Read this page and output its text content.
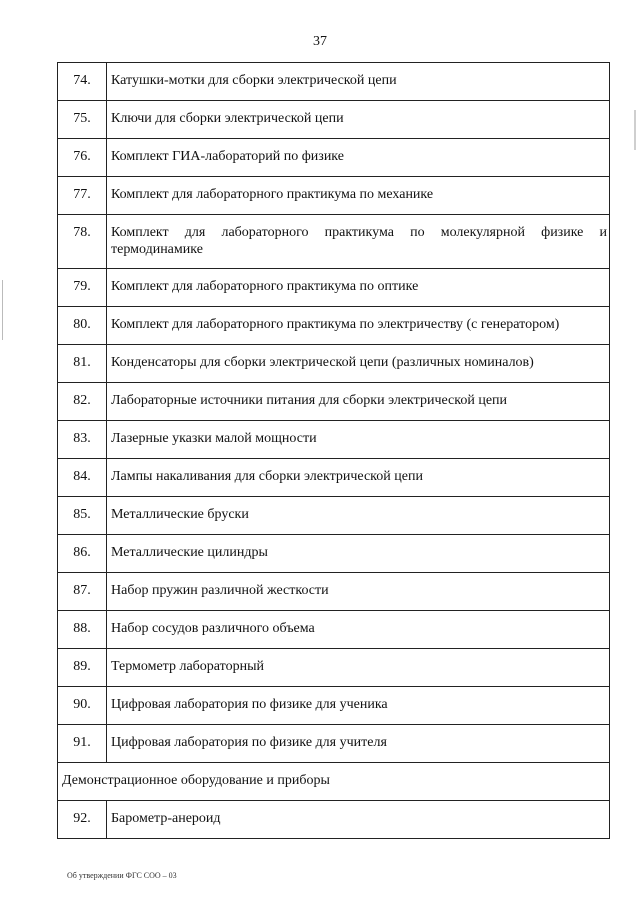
37
74.	Катушки-мотки для сборки электрической цепи
75.	Ключи для сборки электрической цепи
76.	Комплект ГИА-лабораторий по физике
77.	Комплект для лабораторного практикума по механике
78.	Комплект для лабораторного практикума по молекулярной физике и термодинамике
79.	Комплект для лабораторного практикума по оптике
80.	Комплект для лабораторного практикума по электричеству (с генератором)
81.	Конденсаторы для сборки электрической цепи (различных номиналов)
82.	Лабораторные источники питания для сборки электрической цепи
83.	Лазерные указки малой мощности
84.	Лампы накаливания для сборки электрической цепи
85.	Металлические бруски
86.	Металлические цилиндры
87.	Набор пружин различной жесткости
88.	Набор сосудов различного объема
89.	Термометр лабораторный
90.	Цифровая лаборатория по физике для ученика
91.	Цифровая лаборатория по физике для учителя
Демонстрационное оборудование и приборы	
92.	Барометр-анероид
Об утверждении ФГС СОО – 03
